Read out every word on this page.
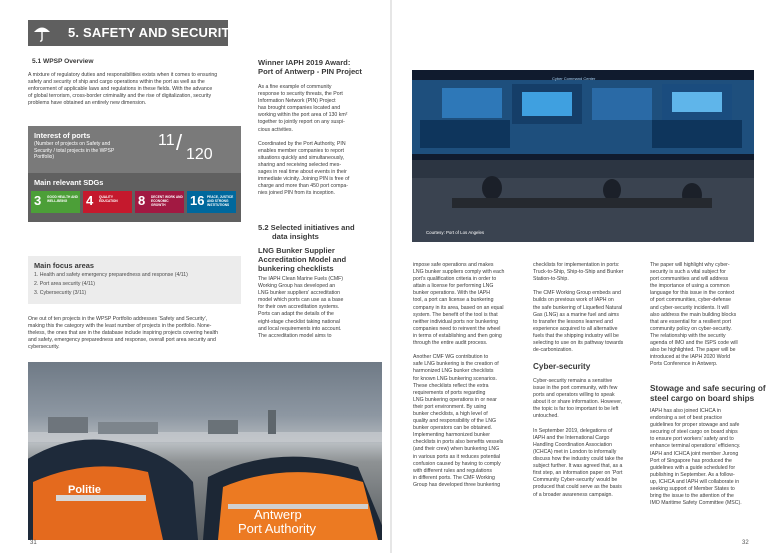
5. SAFETY AND SECURITY
5.1 WPSP Overview
A mixture of regulatory duties and responsibilities exists when it comes to ensuring
safety and security of ship and cargo operations within the port as well as the
enforcement of applicable laws and regulations in these fields. With the advance
of global terrorism, cross-border criminality and the rise of digitalization, security
problems have obtained an entirely new dimension.
Interest of ports
(Number of projects on Safety and
Security / total projects in the WPSP
Portfolio)
11 / 120
Main relevant SDGs
3 GOOD HEALTH AND WELL-BEING	4 QUALITY EDUCATION	8 DECENT WORK AND ECONOMIC GROWTH	16 PEACE, JUSTICE AND STRONG INSTITUTIONS
Main focus areas
1. Health and safety emergency preparedness and response (4/11)
2. Port area security (4/11)
3. Cybersecurity (3/11)
One out of ten projects in the WPSP Portfolio addresses ‘Safety and Security’,
making this the category with the least number of projects in the portfolio. None-
theless, the ones that are in the database include inspiring projects covering health
and safety, emergency preparedness and response, overall port area security and
cybersecurity.
Winner IAPH 2019 Award:
Port of Antwerp - PIN Project
As a fine example of community
response to security threats, the Port
Information Network (PIN) Project
has brought companies located and
working within the port area of 130 km²
together to jointly report on any suspi-
cious activities.

Coordinated by the Port Authority, PIN
enables member companies to report
situations quickly and simultaneously,
sharing and receiving selected mes-
sages in real time about events in their
immediate vicinity. Joining PIN is free of
charge and more than 450 port compa-
nies joined PIN from its inception.
5.2 Selected initiatives and
data insights
LNG Bunker Supplier
Accreditation Model and
bunkering checklists
The IAPH Clean Marine Fuels (CMF)
Working Group has developed an
LNG bunker suppliers’ accreditation
model which ports can use as a base
for their own accreditation systems.
Ports can adapt the details of the
eight-stage checklist taking national
and local requirements into account.
The accreditation model aims to
Politie
Antwerp
Port Authority
Cyber Command Center
Courtesy: Port of Los Angeles
impose safe operations and makes
LNG bunker suppliers comply with each
port’s qualification criteria in order to
attain a license for performing LNG
bunker operations. With the IAPH
tool, a port can license a bunkering
company in its area, based on an equal
system. The benefit of the tool is that
neither individual ports nor bunkering
companies need to reinvent the wheel
in terms of establishing and then going
through the entire audit process.

Another CMF WG contribution to
safe LNG bunkering is the creation of
harmonized LNG bunker checklists
for known LNG bunkering scenarios.
These checklists reflect the extra
requirements of ports regarding
LNG bunkering operations in or near
their port environment. By using
bunker checklists, a high level of
quality and responsibility of the LNG
bunker operators can be obtained.
Implementing harmonized bunker
checklists in ports also benefits vessels
(and their crew) when bunkering LNG
in various ports as it reduces potential
confusion caused by having to comply
with different rules and regulations
in different ports. The CMF Working
Group has developed three bunkering
checklists for implementation in ports:
Truck-to-Ship, Ship-to-Ship and Bunker
Station-to-Ship.

The CMF Working Group embeds and
builds on previous work of IAPH on
the safe bunkering of Liquefied Natural
Gas (LNG) as a marine fuel and aims
to transfer the lessons learned and
experience acquired to all alternative
fuels that the shipping industry will be
selecting to use on its pathway towards
de-carbonization.
Cyber-security
Cyber-security remains a sensitive
issue in the port community, with few
ports and operators willing to speak
about it or share information. However,
the topic is far too important to be left
untouched.

In September 2019, delegations of
IAPH and the International Cargo
Handling Coordination Association
(ICHCA) met in London to informally
discuss how the industry could take the
subject further. It was agreed that, as a
first step, an information paper on ‘Port
Community Cyber-security’ would be
produced that could serve as the basis
of a broader awareness campaign.
The paper will highlight why cyber-
security is such a vital subject for
port communities and will address
the importance of using a common
language for this issue in the context
of port communities, cyber-defense
and cyber-security incidents. It will
also address the main building blocks
that are essential for a resilient port
community policy on cyber-security.
The relationship with the security
agenda of IMO and the ISPS code will
also be highlighted. The paper will be
introduced at the IAPH 2020 World
Ports Conference in Antwerp.
Stowage and safe securing of
steel cargo on board ships
IAPH has also joined ICHCA in
endorsing a set of best practice
guidelines for proper stowage and safe
securing of steel cargo on board ships
to ensure port workers’ safety and to
enhance terminal operations’ efficiency.
IAPH and ICHCA joint member Jurong
Port of Singapore has produced the
guidelines with a guide scheduled for
publishing in September. As a follow-
up, ICHCA and IAPH will collaborate in
seeking support of Member States to
bring the issue to the attention of the
IMO Maritime Safety Committee (MSC).
31	32
